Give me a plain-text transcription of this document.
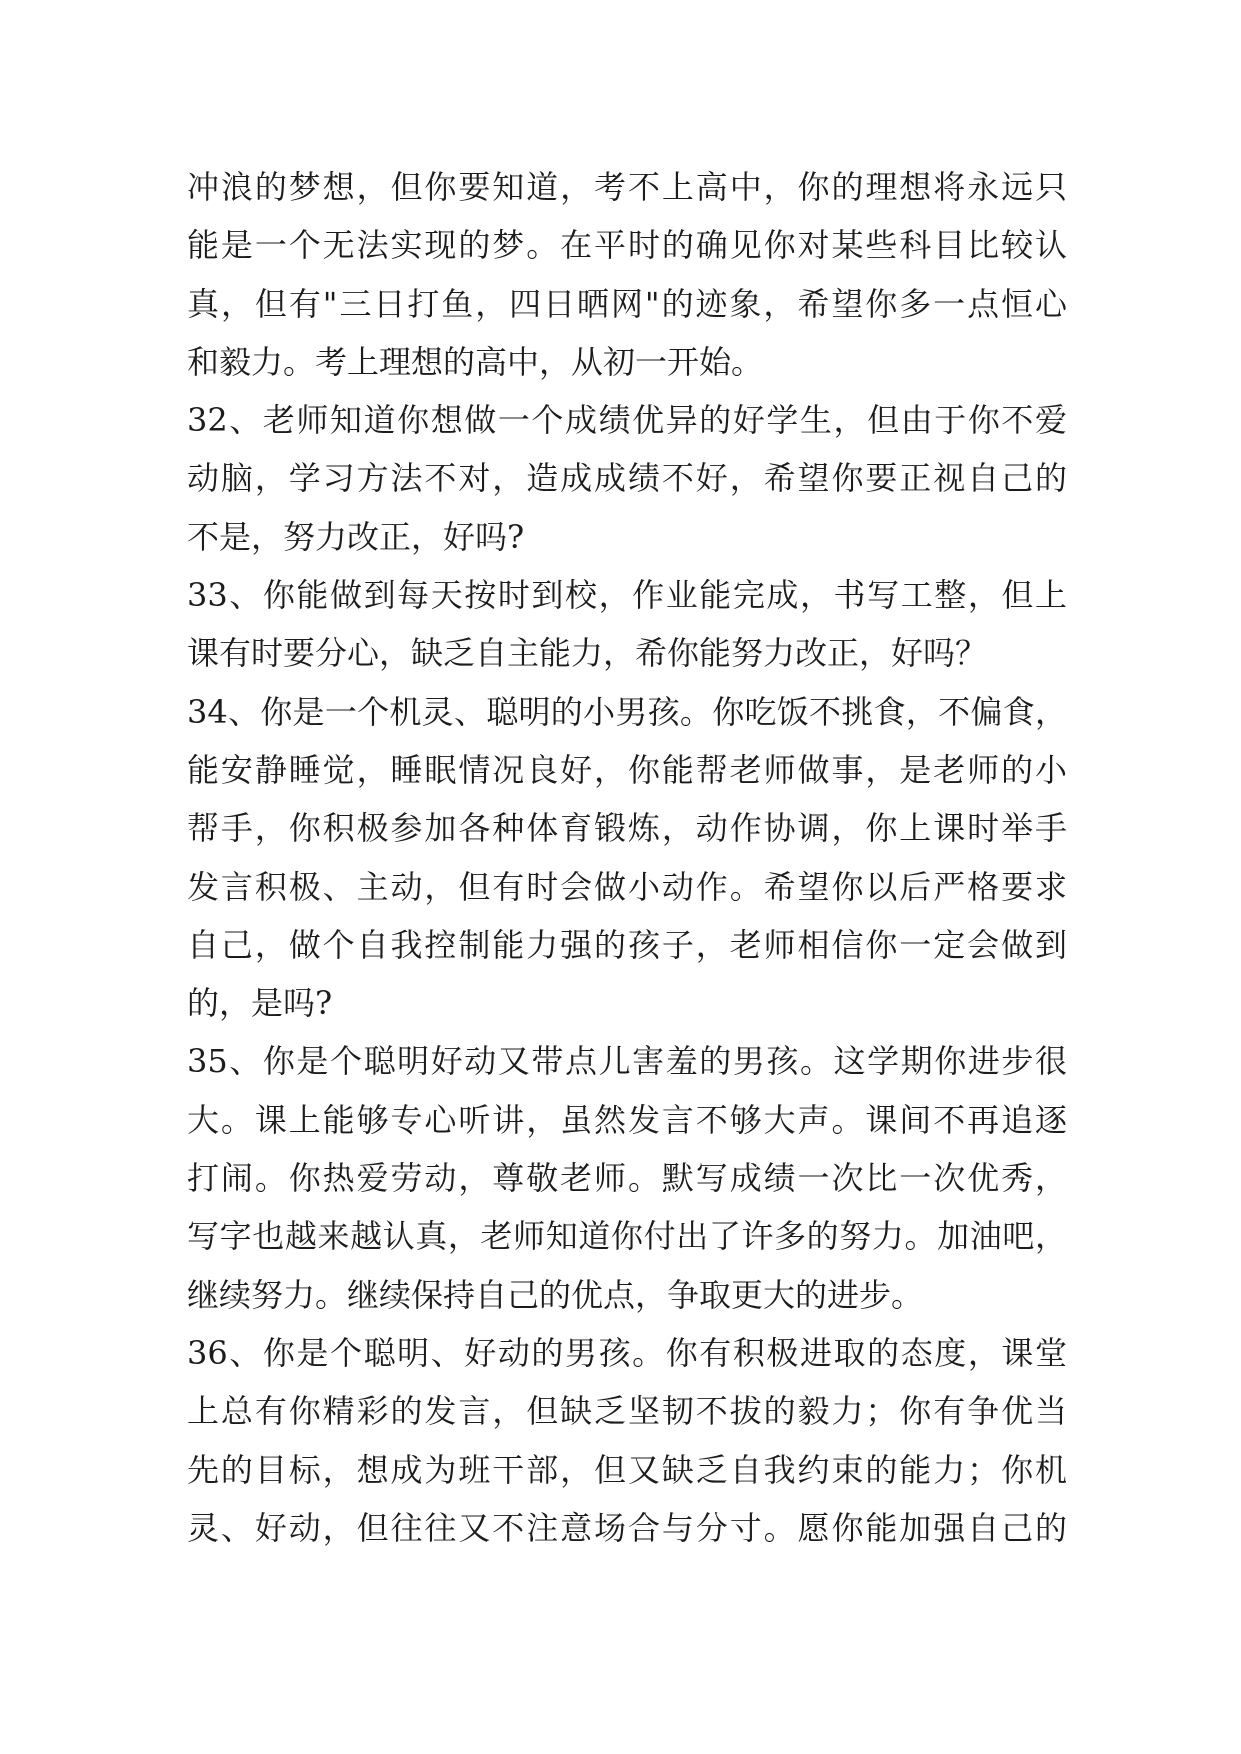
冲浪的梦想，但你要知道，考不上高中，你的理想将永远只
能是一个无法实现的梦。在平时的确见你对某些科目比较认
真，但有"三日打鱼，四日晒网"的迹象，希望你多一点恒心
和毅力。考上理想的高中，从初一开始。
32、老师知道你想做一个成绩优异的好学生，但由于你不爱
动脑，学习方法不对，造成成绩不好，希望你要正视自己的
不是，努力改正，好吗?
33、你能做到每天按时到校，作业能完成，书写工整，但上
课有时要分心，缺乏自主能力，希你能努力改正，好吗？
34、你是一个机灵、聪明的小男孩。你吃饭不挑食，不偏食，
能安静睡觉，睡眠情况良好，你能帮老师做事，是老师的小
帮手，你积极参加各种体育锻炼，动作协调，你上课时举手
发言积极、主动，但有时会做小动作。希望你以后严格要求
自己，做个自我控制能力强的孩子，老师相信你一定会做到
的，是吗?
35、你是个聪明好动又带点儿害羞的男孩。这学期你进步很
大。课上能够专心听讲，虽然发言不够大声。课间不再追逐
打闹。你热爱劳动，尊敬老师。默写成绩一次比一次优秀，
写字也越来越认真，老师知道你付出了许多的努力。加油吧，
继续努力。继续保持自己的优点，争取更大的进步。
36、你是个聪明、好动的男孩。你有积极进取的态度，课堂
上总有你精彩的发言，但缺乏坚韧不拔的毅力；你有争优当
先的目标，想成为班干部，但又缺乏自我约束的能力；你机
灵、好动，但往往又不注意场合与分寸。愿你能加强自己的
